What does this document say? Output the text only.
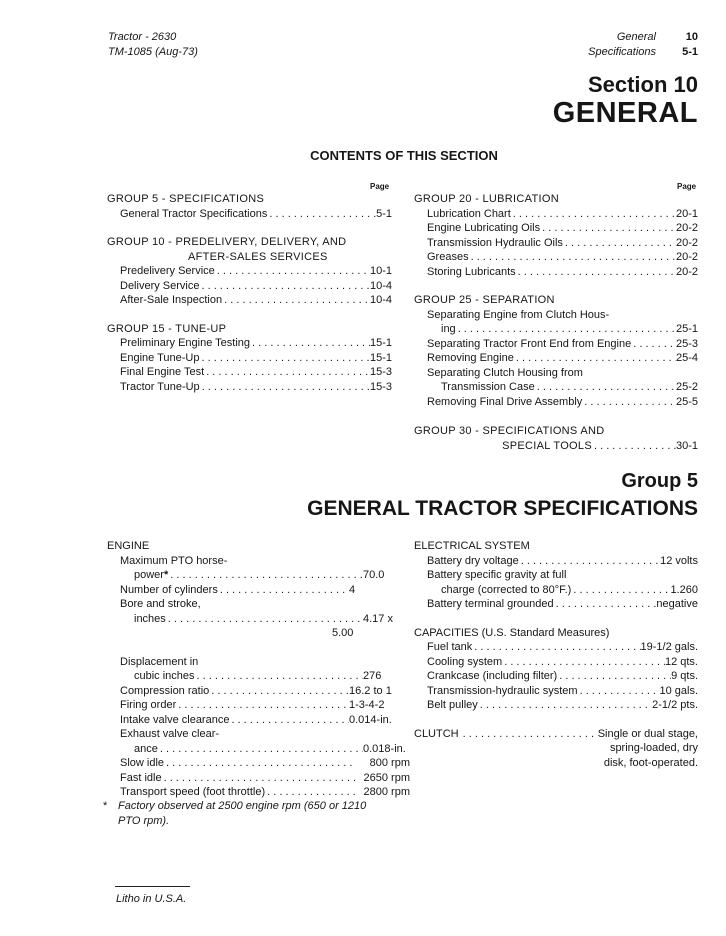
Tractor - 2630
TM-1085 (Aug-73)
General	10
Specifications	5-1
Section 10
GENERAL
CONTENTS OF THIS SECTION
Page	Page
GROUP 5 - SPECIFICATIONS
General Tractor Specifications . . .	5-1
GROUP 10 - PREDELIVERY, DELIVERY, AND
AFTER-SALES SERVICES
Predelivery Service . . .	10-1
Delivery Service . . .	10-4
After-Sale Inspection . . .	10-4
GROUP 15 - TUNE-UP
Preliminary Engine Testing . . .	15-1
Engine Tune-Up . . .	15-1
Final Engine Test . . .	15-3
Tractor Tune-Up . . .	15-3
GROUP 20 - LUBRICATION
Lubrication Chart . . .	20-1
Engine Lubricating Oils . . .	20-2
Transmission Hydraulic Oils . . .	20-2
Greases . . .	20-2
Storing Lubricants . . .	20-2
GROUP 25 - SEPARATION
Separating Engine from Clutch Hous-
ing . . .	25-1
Separating Tractor Front End from Engine . . .	25-3
Removing Engine . . .	25-4
Separating Clutch Housing from
Transmission Case . . .	25-2
Removing Final Drive Assembly . . .	25-5
GROUP 30 - SPECIFICATIONS AND
SPECIAL TOOLS . . .	30-1
Group 5
GENERAL TRACTOR SPECIFICATIONS
ENGINE
Maximum PTO horse-
power* . . .	70.0
Number of cylinders . . .	4
Bore and stroke,
inches . . .	4.17 x
5.00
Displacement in
cubic inches . . .	276
Compression ratio . . .	16.2 to 1
Firing order . . .	1-3-4-2
Intake valve clearance . . .	0.014-in.
Exhaust valve clear-
ance . . .	0.018-in.
Slow idle . . .	800 rpm
Fast idle . . .	2650 rpm
Transport speed (foot throttle) . . .	2800 rpm
ELECTRICAL SYSTEM
Battery dry voltage . . .	12 volts
Battery specific gravity at full
charge (corrected to 80°F.) . . .	1.260
Battery terminal grounded . . .	negative
CAPACITIES (U.S. Standard Measures)
Fuel tank . . .	19-1/2 gals.
Cooling system . . .	12 qts.
Crankcase (including filter) . . .	9 qts.
Transmission-hydraulic system . . .	10 gals.
Belt pulley . . .	2-1/2 pts.
CLUTCH . . .	Single or dual stage,
spring-loaded, dry
disk, foot-operated.
* Factory observed at 2500 engine rpm (650 or 1210
PTO rpm).
Litho in U.S.A.
